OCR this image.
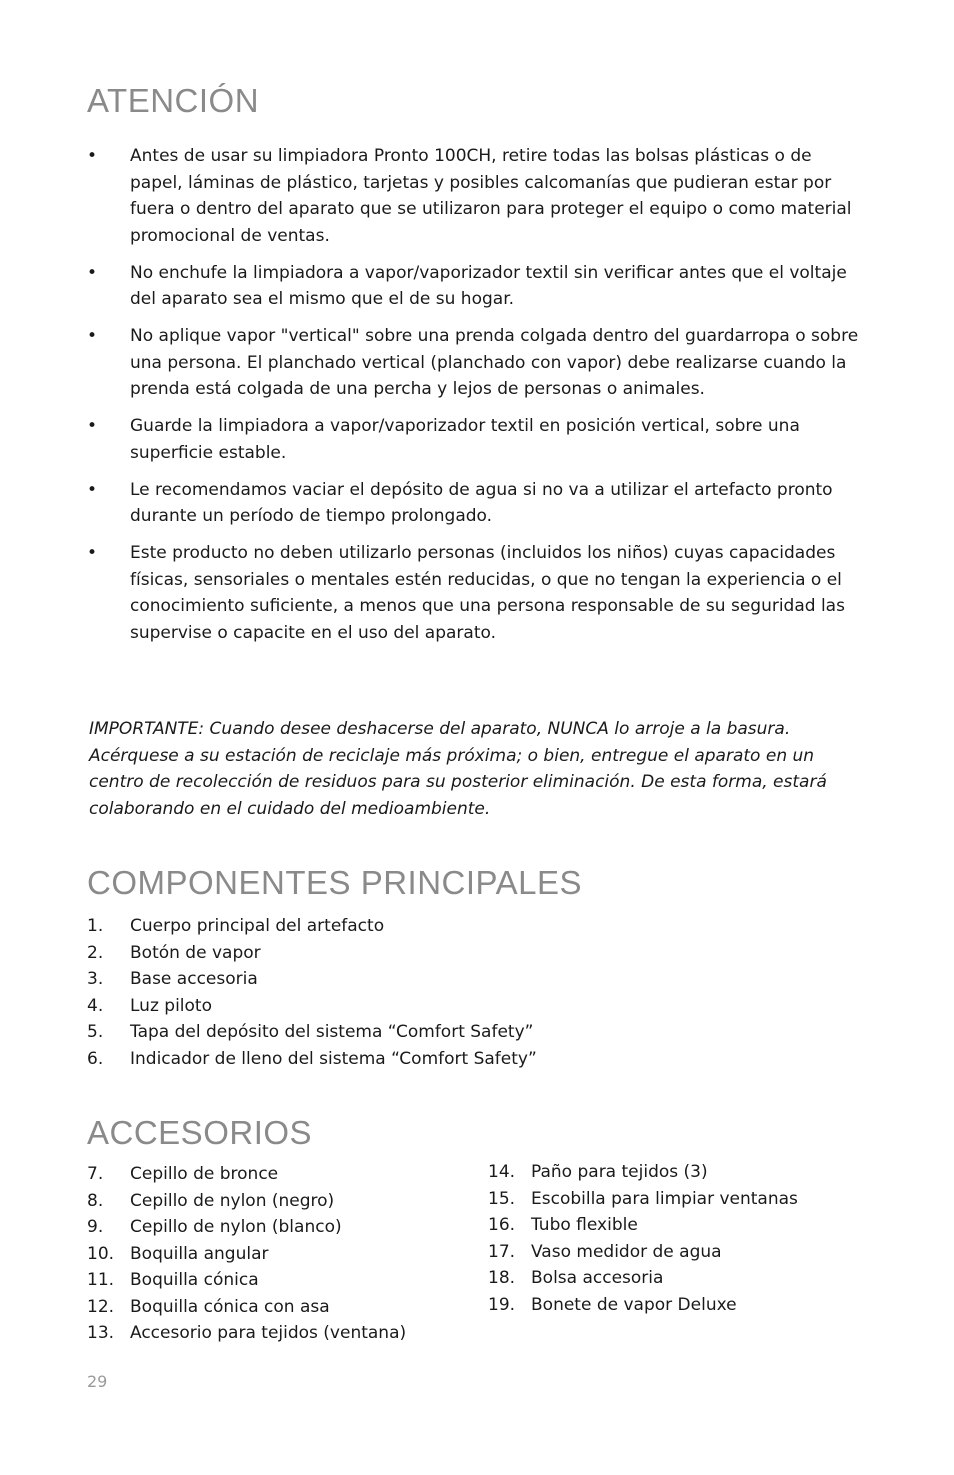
ATENCIÓN
• Antes de usar su limpiadora Pronto 100CH, retire todas las bolsas plásticas o de papel, láminas de plástico, tarjetas y posibles calcomanías que pudieran estar por fuera o dentro del aparato que se utilizaron para proteger el equipo o como material promocional de ventas.
• No enchufe la limpiadora a vapor/vaporizador textil sin verificar antes que el voltaje del aparato sea el mismo que el de su hogar.
• No aplique vapor "vertical" sobre una prenda colgada dentro del guardarropa o sobre una persona. El planchado vertical (planchado con vapor) debe realizarse cuando la prenda está colgada de una percha y lejos de personas o animales.
• Guarde la limpiadora a vapor/vaporizador textil en posición vertical, sobre una superficie estable.
• Le recomendamos vaciar el depósito de agua si no va a utilizar el artefacto pronto durante un período de tiempo prolongado.
• Este producto no deben utilizarlo personas (incluidos los niños) cuyas capacidades físicas, sensoriales o mentales estén reducidas, o que no tengan la experiencia o el conocimiento suficiente, a menos que una persona responsable de su seguridad las supervise o capacite en el uso del aparato.

IMPORTANTE: Cuando desee deshacerse del aparato, NUNCA lo arroje a la basura. Acérquese a su estación de reciclaje más próxima; o bien, entregue el aparato en un centro de recolección de residuos para su posterior eliminación. De esta forma, estará colaborando en el cuidado del medioambiente.

COMPONENTES PRINCIPALES
1. Cuerpo principal del artefacto
2. Botón de vapor
3. Base accesoria
4. Luz piloto
5. Tapa del depósito del sistema “Comfort Safety”
6. Indicador de lleno del sistema “Comfort Safety”
ACCESORIOS
7. Cepillo de bronce
8. Cepillo de nylon (negro)
9. Cepillo de nylon (blanco)
10. Boquilla angular
11. Boquilla cónica
12. Boquilla cónica con asa
13. Accesorio para tejidos (ventana)
14. Paño para tejidos (3)
15. Escobilla para limpiar ventanas
16. Tubo flexible
17. Vaso medidor de agua
18. Bolsa accesoria
19. Bonete de vapor Deluxe
29
